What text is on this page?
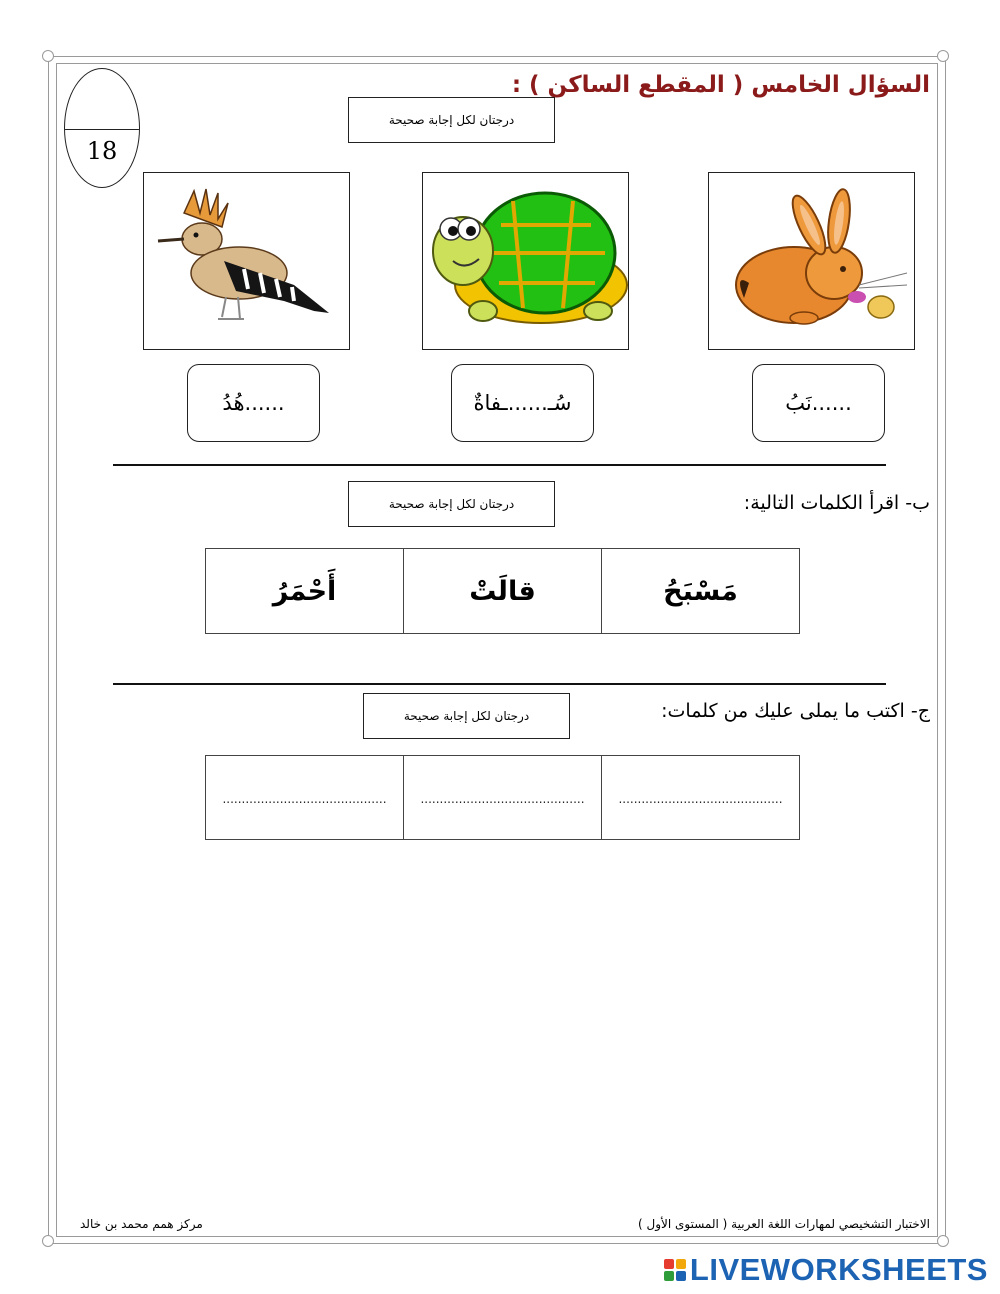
السؤال الخامس ( المقطع الساكن ) :
درجتان لكل إجابة صحيحة
18
......نَبُ
سُـ......ـفاةٌ
......هُدُ
ب- اقرأ الكلمات التالية:
درجتان لكل إجابة صحيحة
أَحْمَرُ	قالَتْ	مَسْبَحُ
ج- اكتب ما يملى عليك من كلمات:
درجتان لكل إجابة صحيحة
...........................................	...........................................	...........................................
الاختبار التشخيصي لمهارات اللغة العربية ( المستوى الأول )
مركز همم محمد بن خالد
LIVEWORKSHEETS
